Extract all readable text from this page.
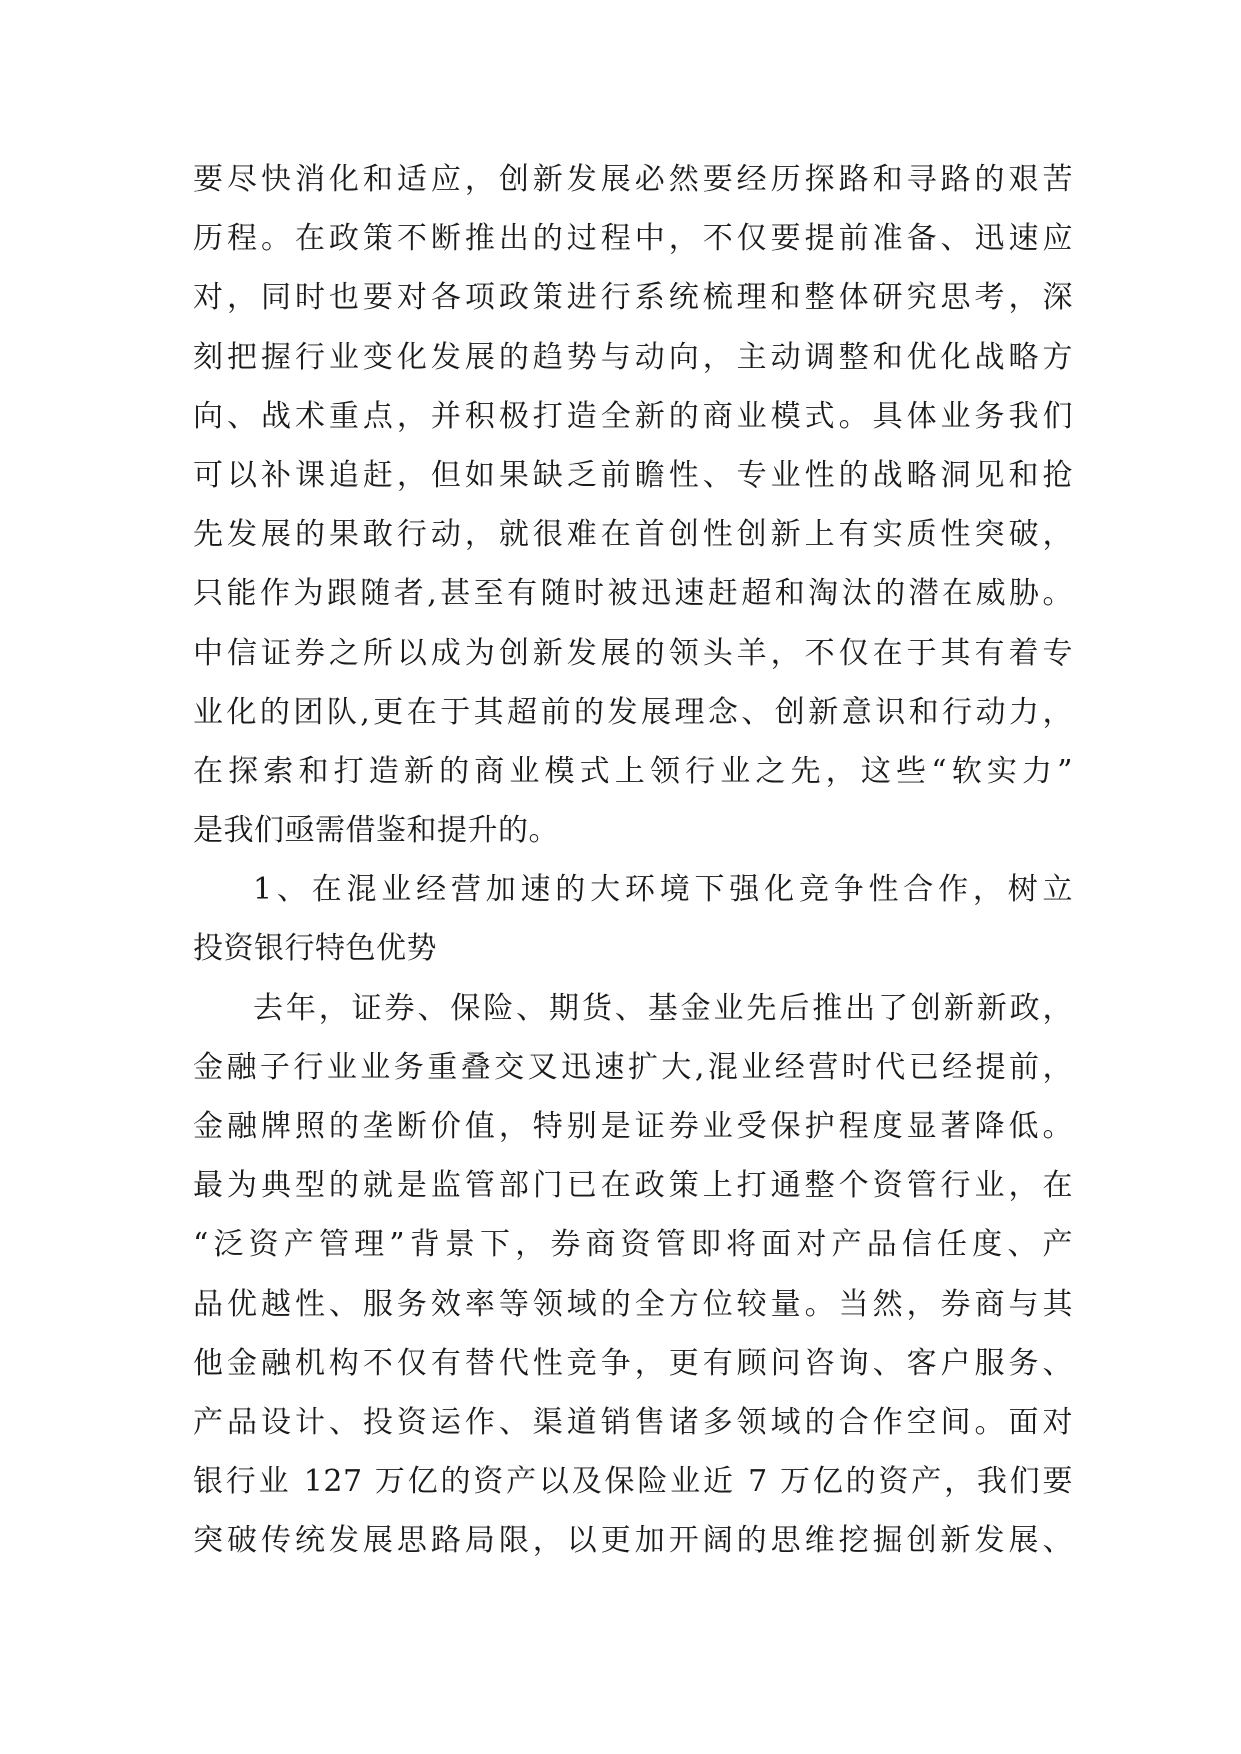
要尽快消化和适应，创新发展必然要经历探路和寻路的艰苦
历程。在政策不断推出的过程中，不仅要提前准备、迅速应
对，同时也要对各项政策进行系统梳理和整体研究思考，深
刻把握行业变化发展的趋势与动向，主动调整和优化战略方
向、战术重点，并积极打造全新的商业模式。具体业务我们
可以补课追赶，但如果缺乏前瞻性、专业性的战略洞见和抢
先发展的果敢行动，就很难在首创性创新上有实质性突破，
只能作为跟随者,甚至有随时被迅速赶超和淘汰的潜在威胁。
中信证券之所以成为创新发展的领头羊，不仅在于其有着专
业化的团队,更在于其超前的发展理念、创新意识和行动力，
在探索和打造新的商业模式上领行业之先，这些“软实力”
是我们亟需借鉴和提升的。
1、在混业经营加速的大环境下强化竞争性合作，树立
投资银行特色优势
去年，证券、保险、期货、基金业先后推出了创新新政，
金融子行业业务重叠交叉迅速扩大,混业经营时代已经提前，
金融牌照的垄断价值，特别是证券业受保护程度显著降低。
最为典型的就是监管部门已在政策上打通整个资管行业，在
“泛资产管理”背景下，券商资管即将面对产品信任度、产
品优越性、服务效率等领域的全方位较量。当然，券商与其
他金融机构不仅有替代性竞争，更有顾问咨询、客户服务、
产品设计、投资运作、渠道销售诸多领域的合作空间。面对
银行业 127 万亿的资产以及保险业近 7 万亿的资产，我们要
突破传统发展思路局限，以更加开阔的思维挖掘创新发展、
